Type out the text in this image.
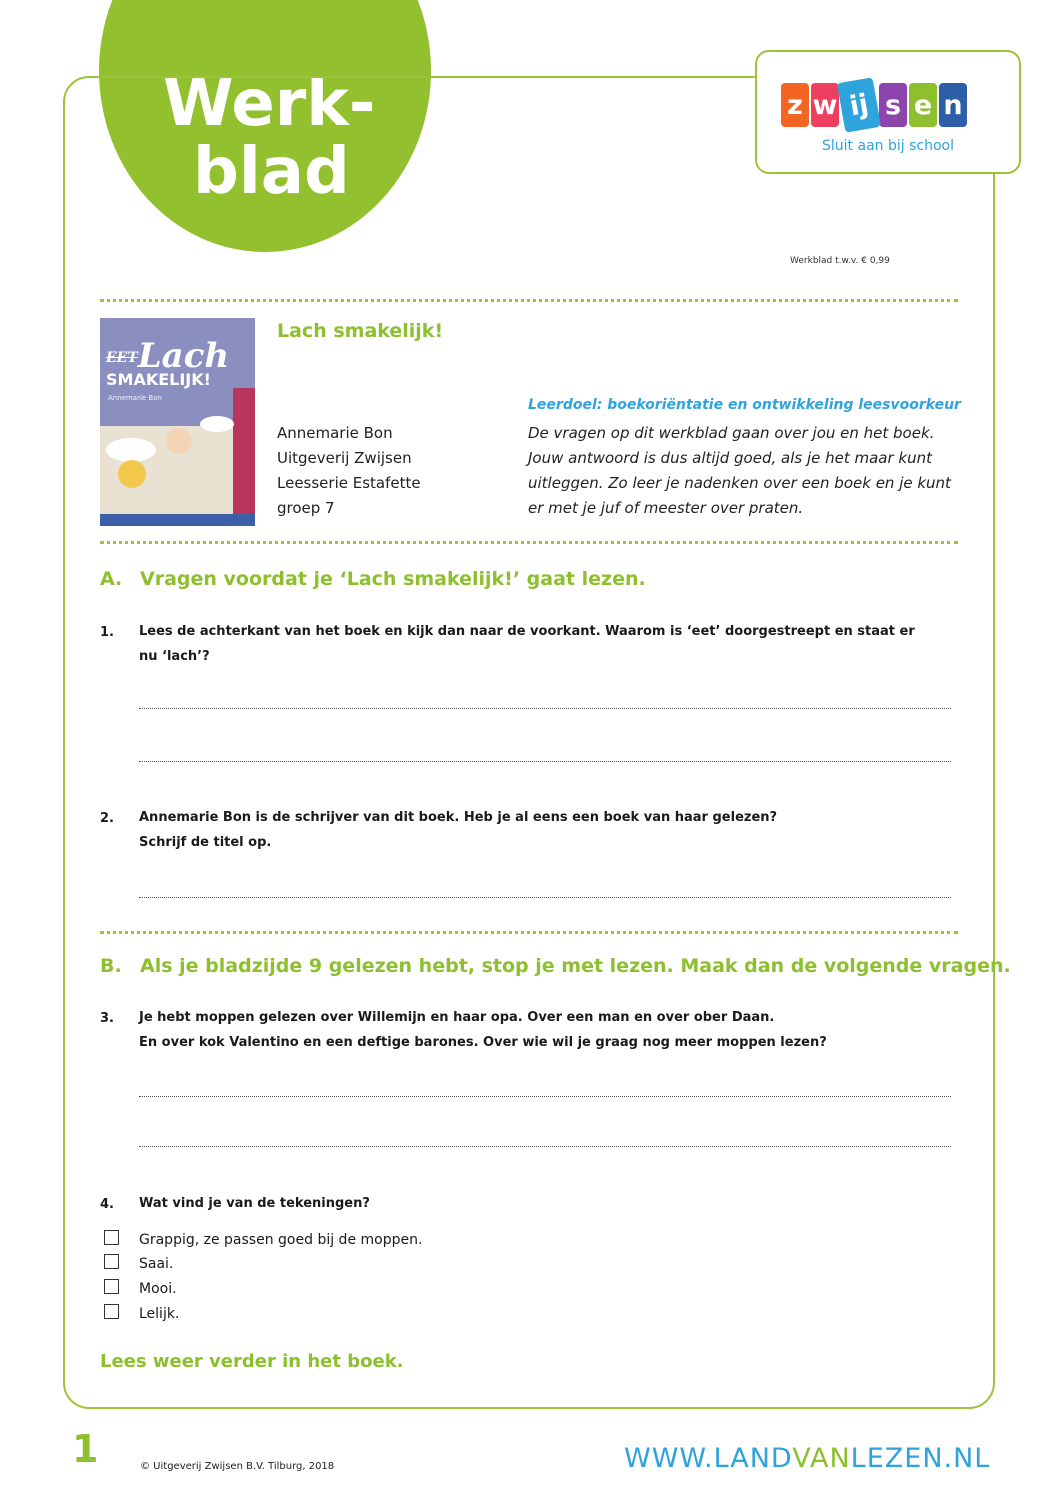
Werk-
blad
z w ij s e n
Sluit aan bij school
Werkblad t.w.v. € 0,99
EETLach
SMAKELIJK!
Annemarie Bon
Lach smakelijk!
Annemarie Bon
Uitgeverij Zwijsen
Leesserie Estafette
groep 7
Leerdoel: boekoriëntatie en ontwikkeling leesvoorkeur
De vragen op dit werkblad gaan over jou en het boek. Jouw antwoord is dus altijd goed, als je het maar kunt uitleggen. Zo leer je nadenken over een boek en je kunt er met je juf of meester over praten.
A. Vragen voordat je ‘Lach smakelijk!’ gaat lezen.
1. Lees de achterkant van het boek en kijk dan naar de voorkant. Waarom is ‘eet’ doorgestreept en staat er
nu ‘lach’?
2. Annemarie Bon is de schrijver van dit boek. Heb je al eens een boek van haar gelezen?
Schrijf de titel op.
B. Als je bladzijde 9 gelezen hebt, stop je met lezen. Maak dan de volgende vragen.
3. Je hebt moppen gelezen over Willemijn en haar opa. Over een man en over ober Daan.
En over kok Valentino en een deftige barones. Over wie wil je graag nog meer moppen lezen?
4. Wat vind je van de tekeningen?
Grappig, ze passen goed bij de moppen.
Saai.
Mooi.
Lelijk.
Lees weer verder in het boek.
1	© Uitgeverij Zwijsen B.V. Tilburg, 2018	WWW.LANDVANLEZEN.NL
